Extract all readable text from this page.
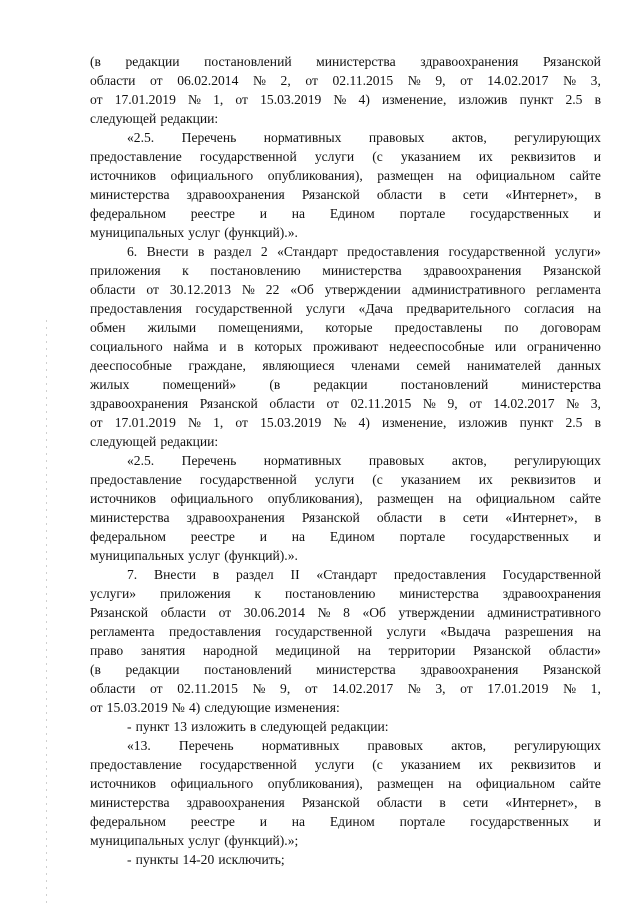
(в редакции постановлений министерства здравоохранения Рязанской
области от 06.02.2014 № 2, от 02.11.2015 № 9, от 14.02.2017 № 3,
от 17.01.2019 № 1, от 15.03.2019 № 4) изменение, изложив пункт 2.5 в
следующей редакции:
«2.5. Перечень нормативных правовых актов, регулирующих
предоставление государственной услуги (с указанием их реквизитов и
источников официального опубликования), размещен на официальном сайте
министерства здравоохранения Рязанской области в сети «Интернет», в
федеральном реестре и на Едином портале государственных и
муниципальных услуг (функций).».
6. Внести в раздел 2 «Стандарт предоставления государственной услуги»
приложения к постановлению министерства здравоохранения Рязанской
области от 30.12.2013 № 22 «Об утверждении административного регламента
предоставления государственной услуги «Дача предварительного согласия на
обмен жилыми помещениями, которые предоставлены по договорам
социального найма и в которых проживают недееспособные или ограниченно
дееспособные граждане, являющиеся членами семей нанимателей данных
жилых помещений» (в редакции постановлений министерства
здравоохранения Рязанской области от 02.11.2015 № 9, от 14.02.2017 № 3,
от 17.01.2019 № 1, от 15.03.2019 № 4) изменение, изложив пункт 2.5 в
следующей редакции:
«2.5. Перечень нормативных правовых актов, регулирующих
предоставление государственной услуги (с указанием их реквизитов и
источников официального опубликования), размещен на официальном сайте
министерства здравоохранения Рязанской области в сети «Интернет», в
федеральном реестре и на Едином портале государственных и
муниципальных услуг (функций).».
7. Внести в раздел II «Стандарт предоставления Государственной
услуги» приложения к постановлению министерства здравоохранения
Рязанской области от 30.06.2014 № 8 «Об утверждении административного
регламента предоставления государственной услуги «Выдача разрешения на
право занятия народной медициной на территории Рязанской области»
(в редакции постановлений министерства здравоохранения Рязанской
области от 02.11.2015 № 9, от 14.02.2017 № 3, от 17.01.2019 № 1,
от 15.03.2019 № 4) следующие изменения:
- пункт 13 изложить в следующей редакции:
«13. Перечень нормативных правовых актов, регулирующих
предоставление государственной услуги (с указанием их реквизитов и
источников официального опубликования), размещен на официальном сайте
министерства здравоохранения Рязанской области в сети «Интернет», в
федеральном реестре и на Едином портале государственных и
муниципальных услуг (функций).»;
- пункты 14-20 исключить;
